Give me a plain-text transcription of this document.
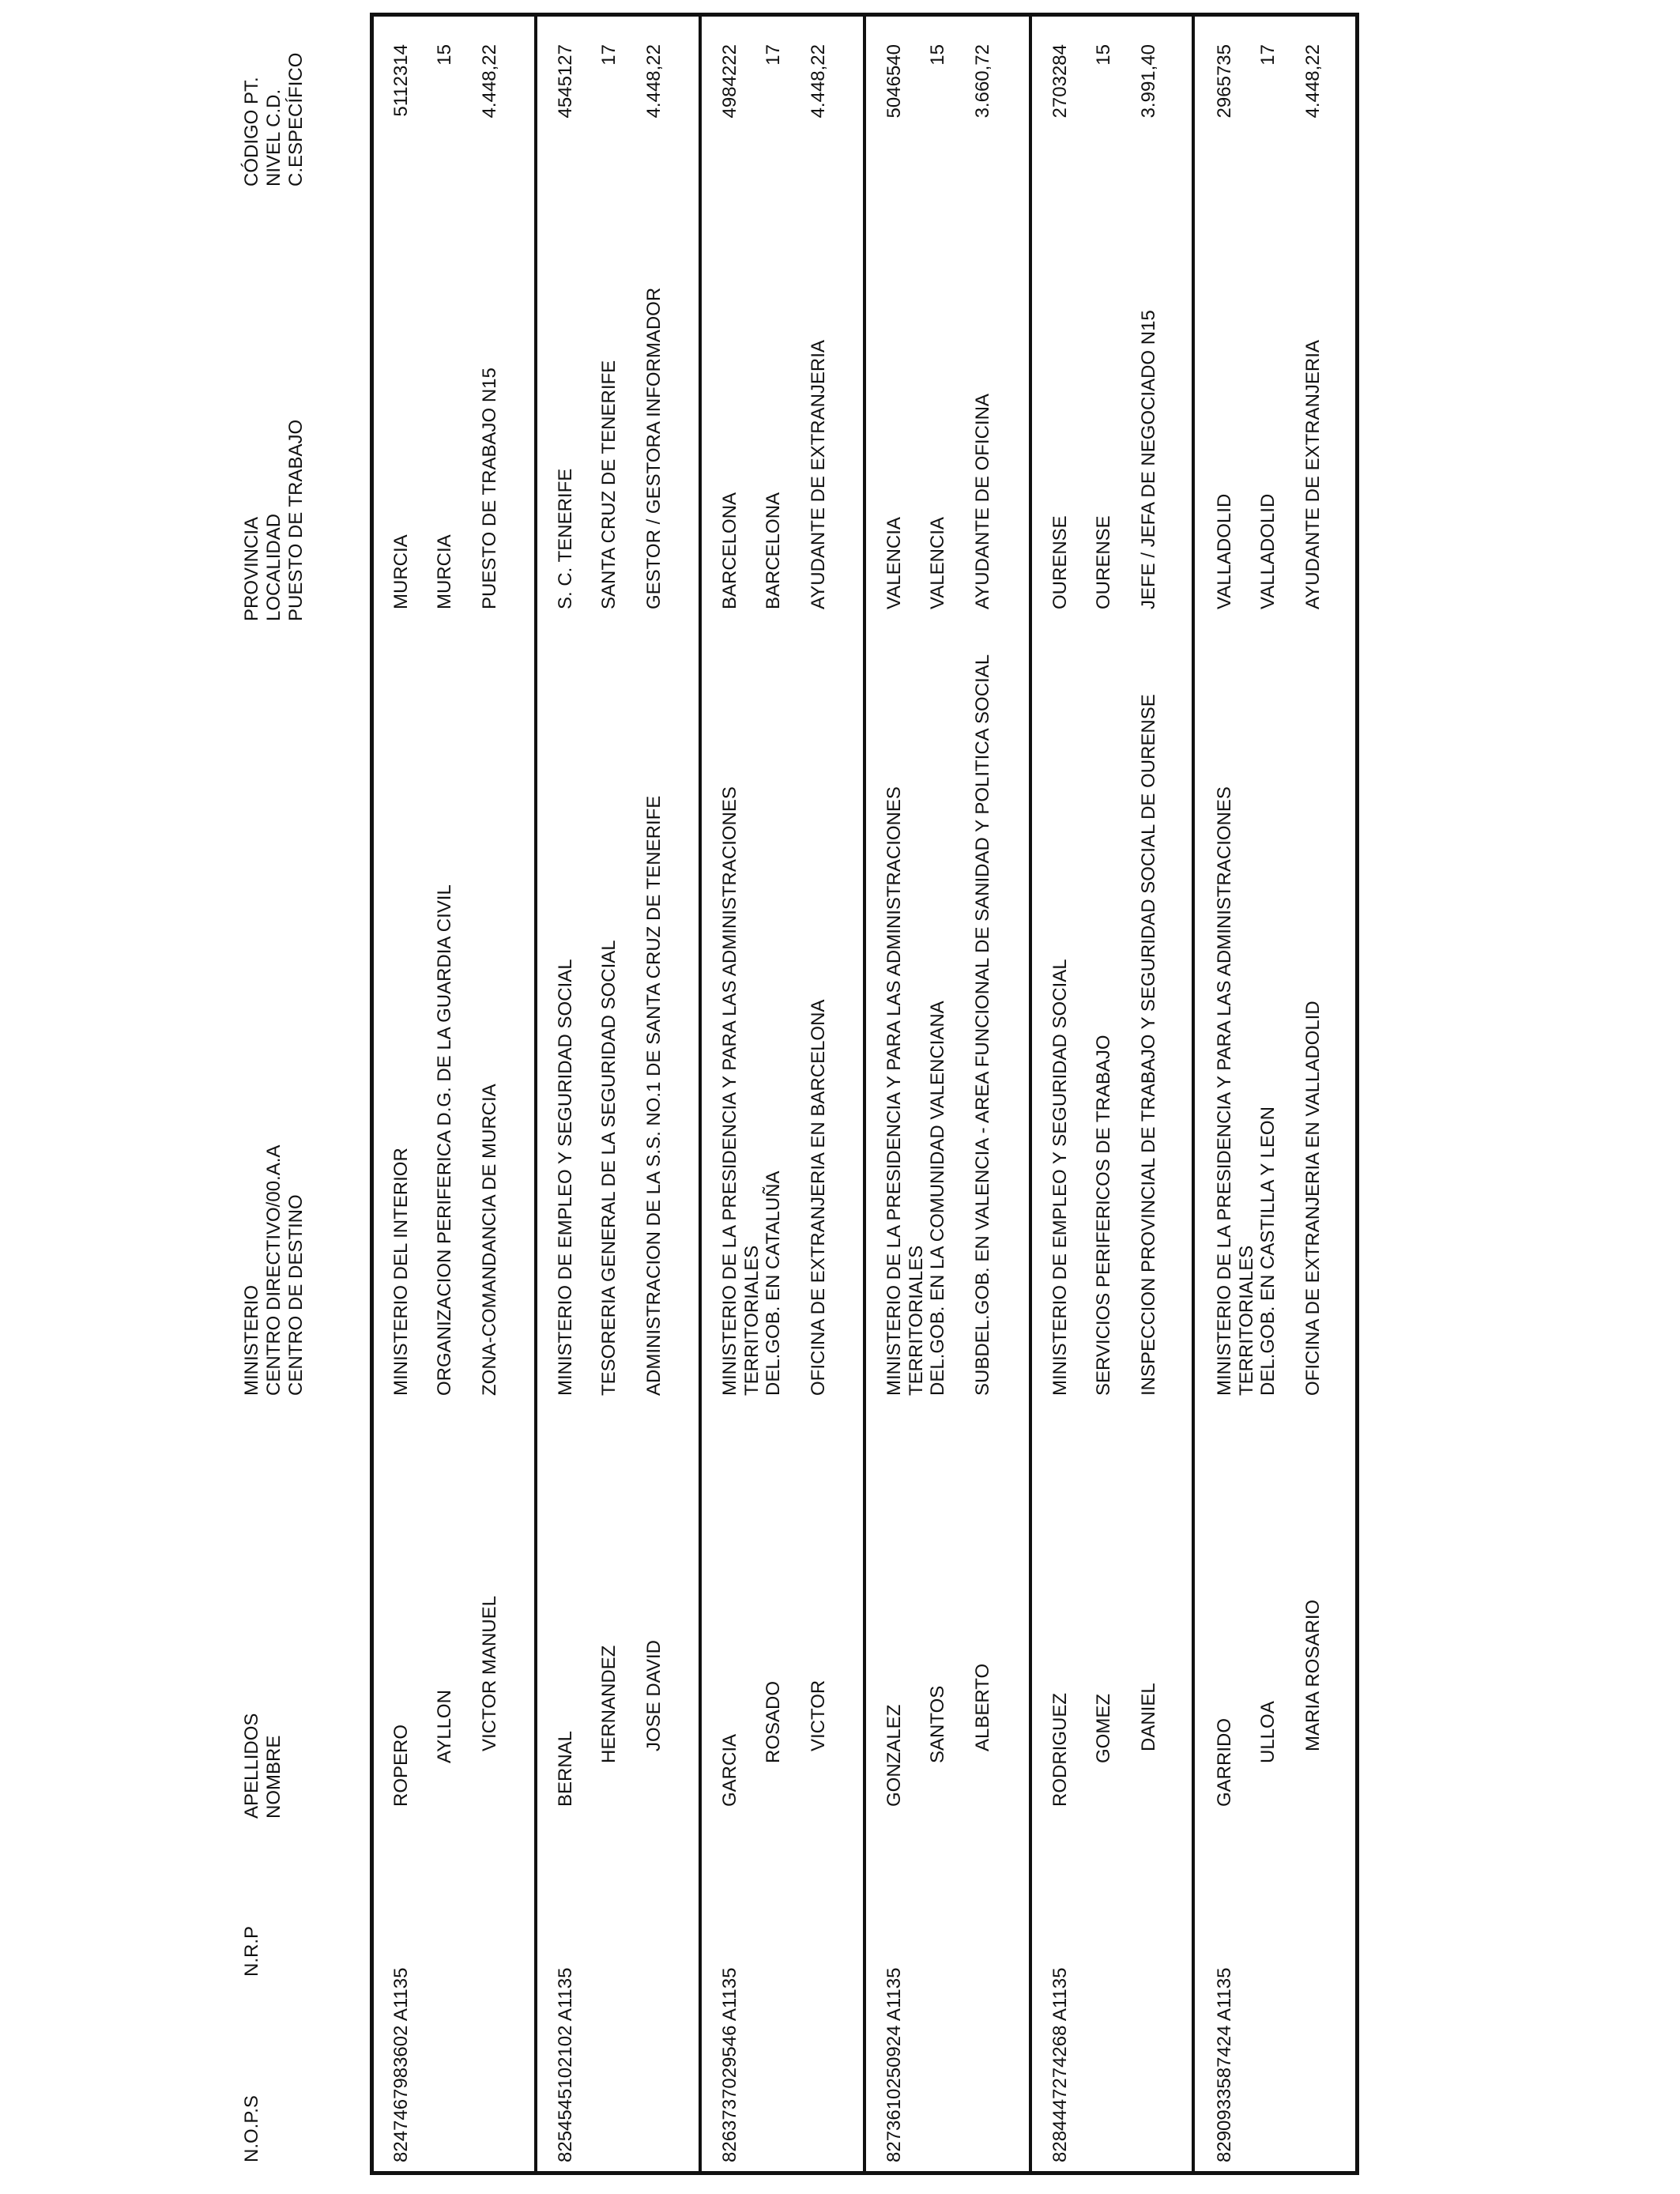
N.O.P.S
N.R.P
APELLIDOS NOMBRE
MINISTERIO CENTRO DIRECTIVO/00.A.A CENTRO DE DESTINO
PROVINCIA LOCALIDAD PUESTO DE TRABAJO
CÓDIGO PT. NIVEL C.D. C.ESPECÍFICO
824
7467983602 A1135
ROPERO AYLLON VICTOR MANUEL
MINISTERIO DEL INTERIOR ORGANIZACION PERIFERICA D.G. DE LA GUARDIA CIVIL ZONA-COMANDANCIA DE MURCIA
MURCIA MURCIA PUESTO DE TRABAJO N15
5112314 15 4.448,22
825
4545102102 A1135
BERNAL
HERNANDEZ JOSE DAVID
MINISTERIO DE EMPLEO Y SEGURIDAD SOCIAL TESORERIA GENERAL DE LA SEGURIDAD SOCIAL ADMINISTRACION DE LA S.S. NO.1 DE SANTA CRUZ DE TENERIFE
S. C. TENERIFE SANTA CRUZ DE TENERIFE GESTOR / GESTORA INFORMADOR
4545127 17 4.448,22
826
3737029546 A1135
GARCIA
ROSADO VICTOR
MINISTERIO DE LA PRESIDENCIA Y PARA LAS ADMINISTRACIONES TERRITORIALES DEL.GOB. EN CATALUÑA OFICINA DE EXTRANJERIA EN BARCELONA
BARCELONA BARCELONA AYUDANTE DE EXTRANJERIA
4984222 17 4.448,22
827
3610250924 A1135
GONZALEZ SANTOS ALBERTO
MINISTERIO DE LA PRESIDENCIA Y PARA LAS ADMINISTRACIONES TERRITORIALES DEL.GOB. EN LA COMUNIDAD VALENCIANA SUBDEL.GOB. EN VALENCIA - AREA FUNCIONAL DE SANIDAD Y POLITICA SOCIAL
VALENCIA VALENCIA AYUDANTE DE OFICINA
5046540 15 3.660,72
828
4447274268 A1135
RODRIGUEZ GOMEZ DANIEL
MINISTERIO DE EMPLEO Y SEGURIDAD SOCIAL SERVICIOS PERIFERICOS DE TRABAJO INSPECCION PROVINCIAL DE TRABAJO Y SEGURIDAD SOCIAL DE OURENSE
OURENSE OURENSE JEFE / JEFA DE NEGOCIADO N15
2703284 15 3.991,40
829
0933587424 A1135
GARRIDO ULLOA MARIA ROSARIO
MINISTERIO DE LA PRESIDENCIA Y PARA LAS ADMINISTRACIONES TERRITORIALES DEL.GOB. EN CASTILLA Y LEON OFICINA DE EXTRANJERIA EN VALLADOLID
VALLADOLID VALLADOLID AYUDANTE DE EXTRANJERIA
2965735 17 4.448,22
